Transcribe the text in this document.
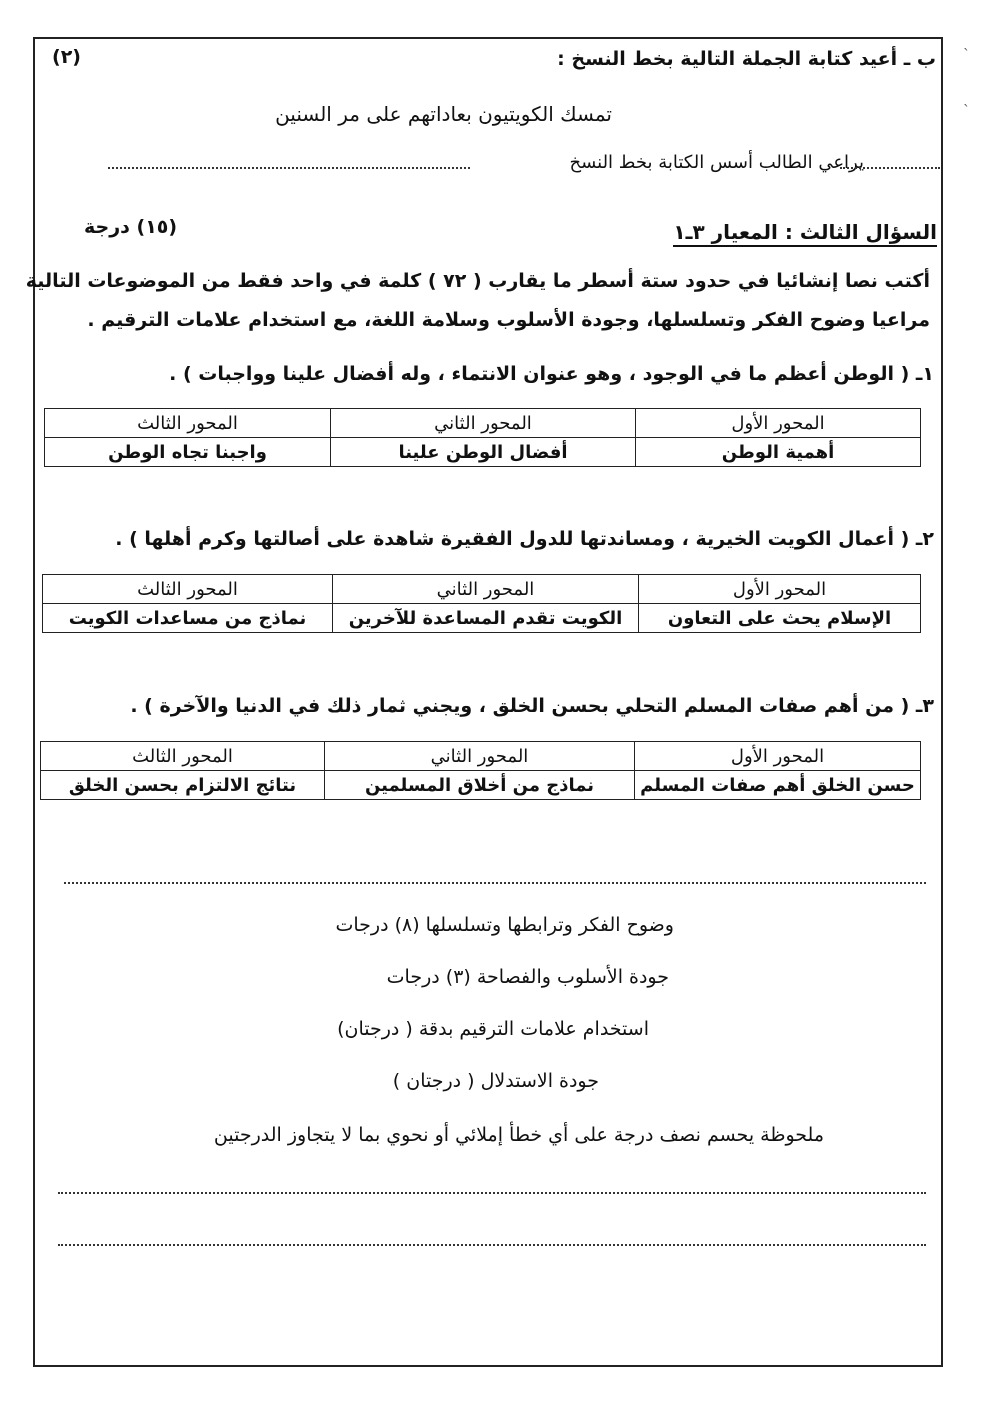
ˎ
ˎ
ب ـ أعيد كتابة الجملة التالية بخط النسخ :
(٢)
تمسك الكويتيون بعاداتهم على مر السنين
يراعي الطالب أسس الكتابة بخط النسخ
السؤال الثالث : المعيار ٣ـ١
(١٥) درجة
أكتب نصا إنشائيا في حدود ستة أسطر ما يقارب ( ٧٢ ) كلمة في واحد فقط من الموضوعات التالية
مراعيا وضوح الفكر وتسلسلها، وجودة الأسلوب وسلامة اللغة، مع استخدام علامات الترقيم .
١ـ ( الوطن أعظم ما في الوجود ، وهو عنوان الانتماء ، وله أفضال علينا وواجبات ) .
المحور الأول	المحور الثاني	المحور الثالث
أهمية الوطن	أفضال الوطن علينا	واجبنا تجاه الوطن
٢ـ ( أعمال الكويت الخيرية ، ومساندتها للدول الفقيرة شاهدة على أصالتها وكرم أهلها ) .
المحور الأول	المحور الثاني	المحور الثالث
الإسلام يحث على التعاون	الكويت تقدم المساعدة للآخرين	نماذج من مساعدات الكويت
٣ـ ( من أهم صفات المسلم التحلي بحسن الخلق ، ويجني ثمار ذلك في الدنيا والآخرة ) .
المحور الأول	المحور الثاني	المحور الثالث
حسن الخلق أهم صفات المسلم	نماذج من أخلاق المسلمين	نتائج الالتزام بحسن الخلق
وضوح الفكر وترابطها وتسلسلها (٨) درجات
جودة الأسلوب والفصاحة (٣) درجات
استخدام علامات الترقيم بدقة ( درجتان)
جودة الاستدلال ( درجتان )
ملحوظة يحسم نصف درجة على أي خطأ إملائي أو نحوي بما لا يتجاوز الدرجتين
